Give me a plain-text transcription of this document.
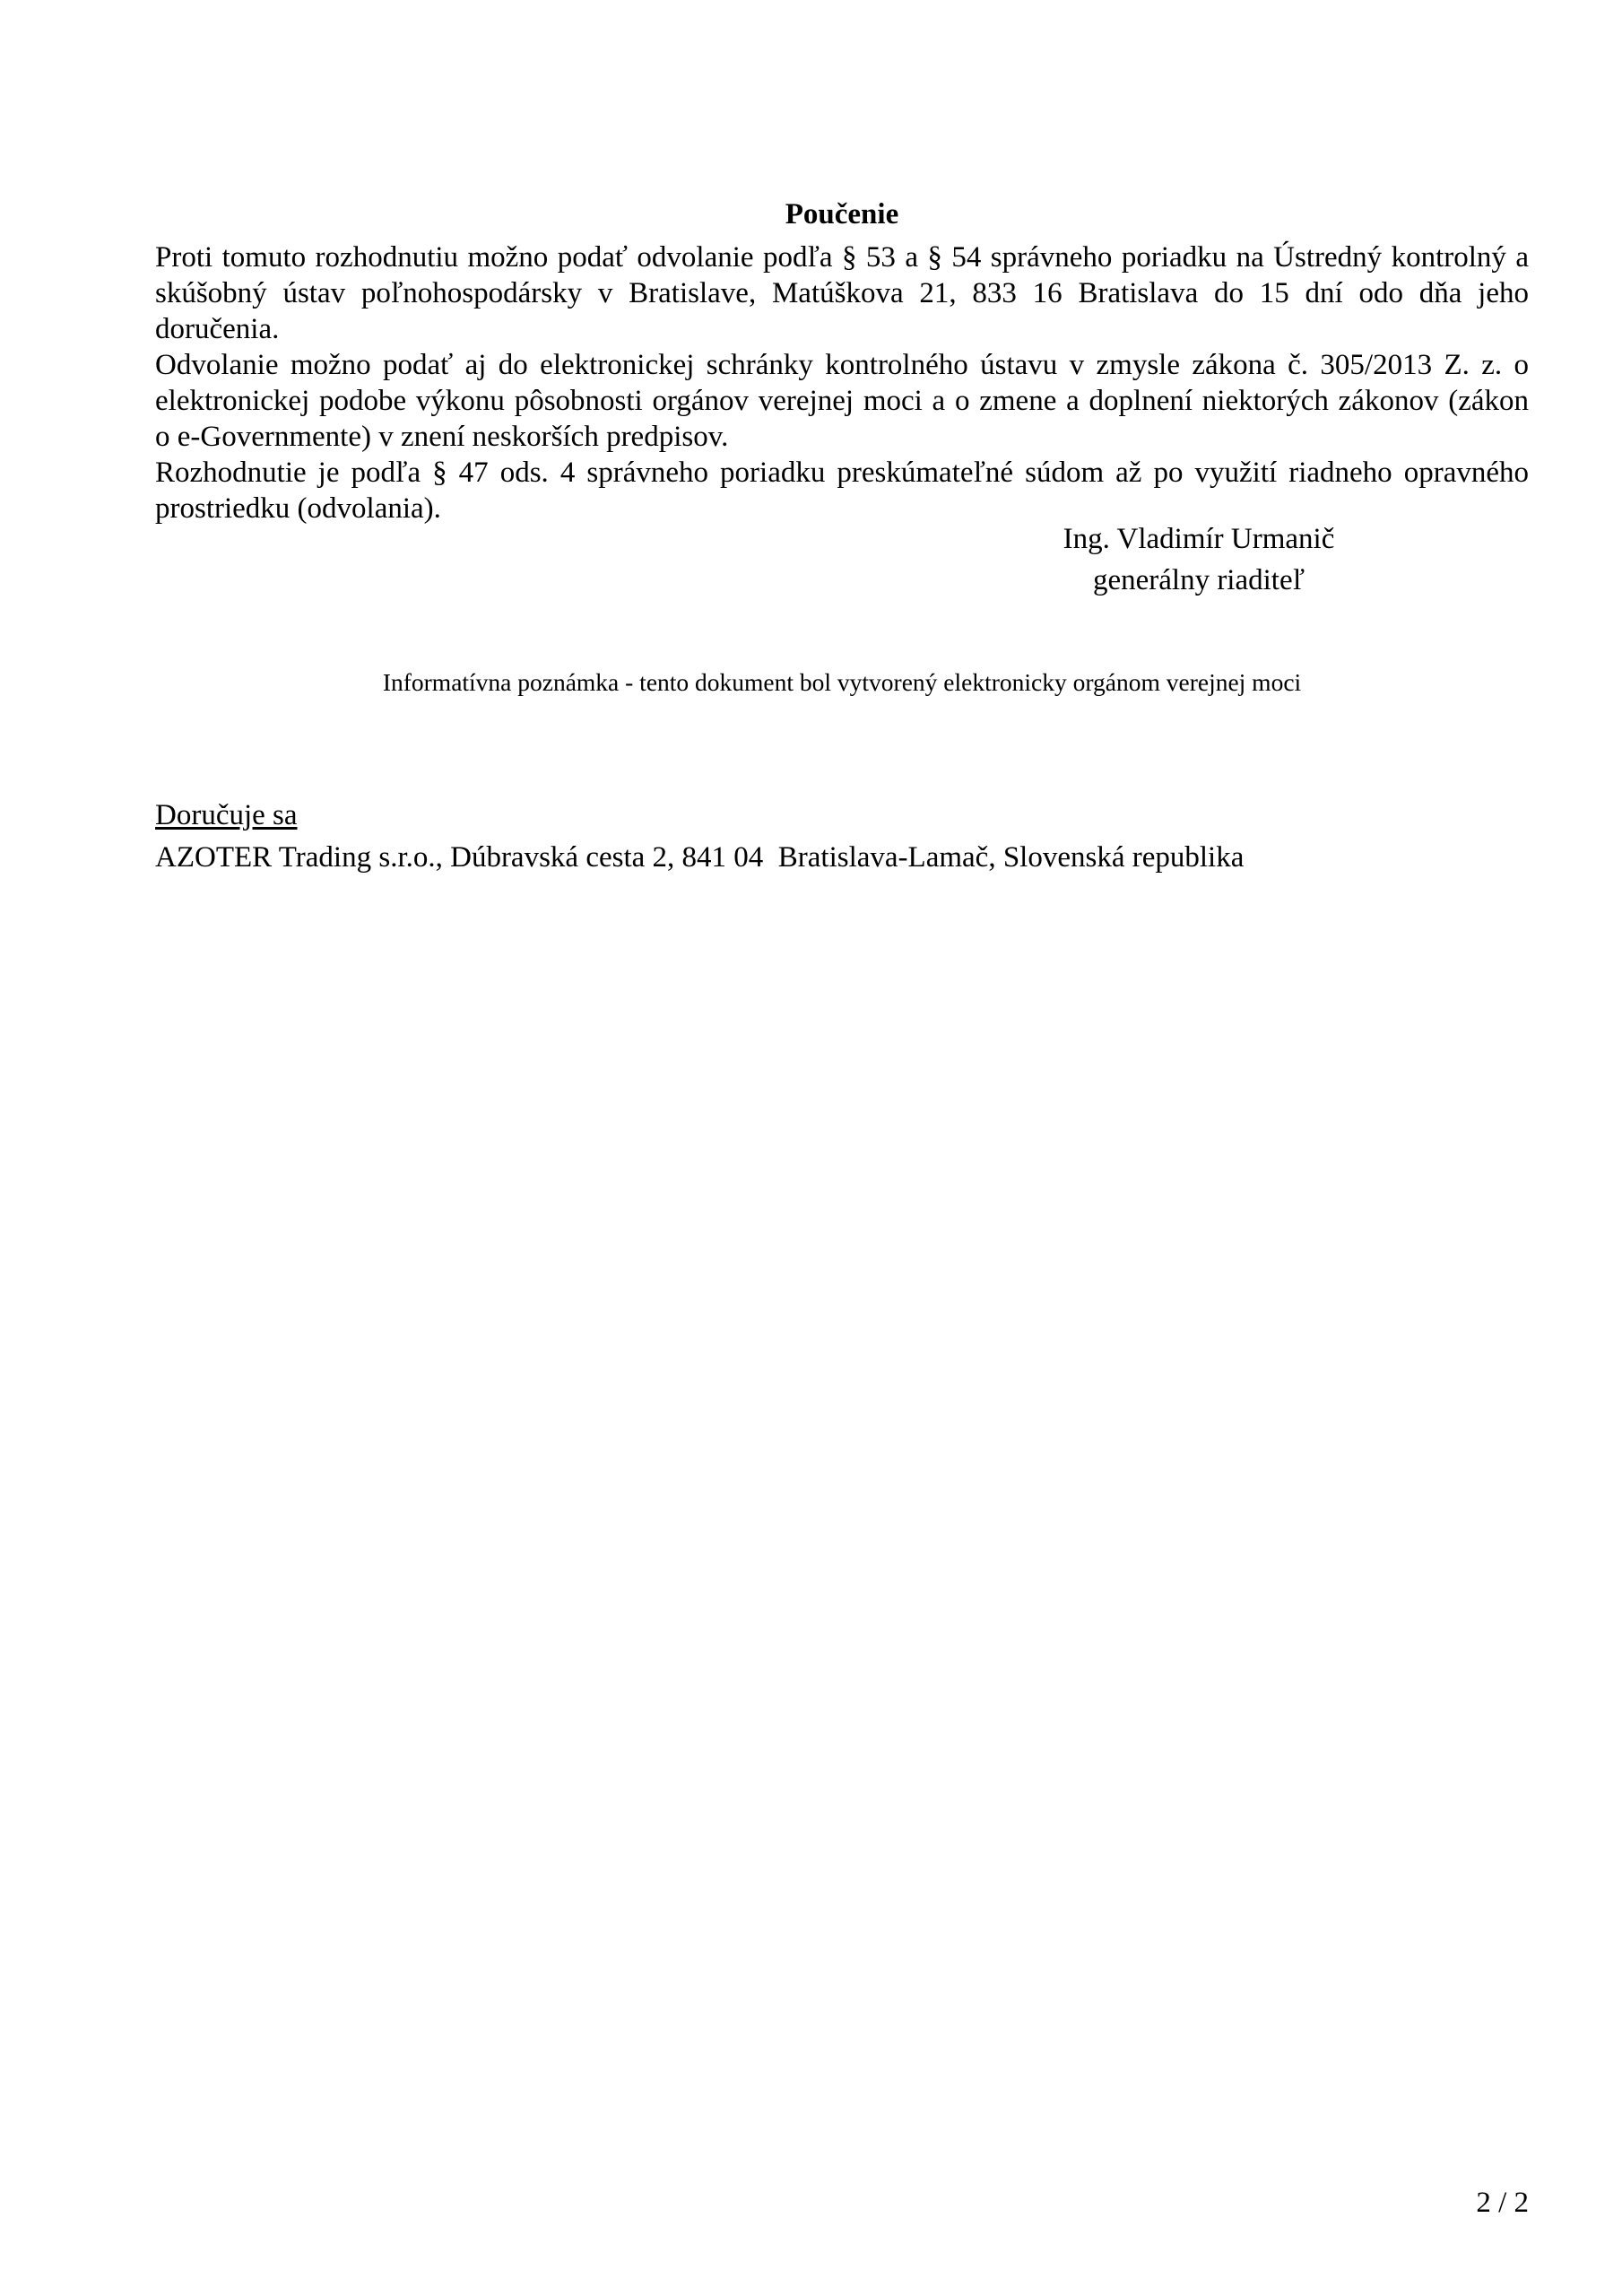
Poučenie
Proti tomuto rozhodnutiu možno podať odvolanie podľa § 53 a § 54 správneho poriadku na Ústredný kontrolný a
skúšobný ústav poľnohospodársky v Bratislave, Matúškova 21, 833 16 Bratislava do 15 dní odo dňa jeho doručenia.
Odvolanie možno podať aj do elektronickej schránky kontrolného ústavu v zmysle zákona č. 305/2013 Z. z. o
elektronickej podobe výkonu pôsobnosti orgánov verejnej moci a o zmene a doplnení niektorých zákonov (zákon
o e-Governmente) v znení neskorších predpisov.
Rozhodnutie je podľa § 47 ods. 4 správneho poriadku preskúmateľné súdom až po využití riadneho opravného
prostriedku (odvolania).
Ing. Vladimír Urmanič
generálny riaditeľ
Informatívna poznámka - tento dokument bol vytvorený elektronicky orgánom verejnej moci
Doručuje sa
AZOTER Trading s.r.o., Dúbravská cesta 2, 841 04  Bratislava-Lamač, Slovenská republika
2 / 2
